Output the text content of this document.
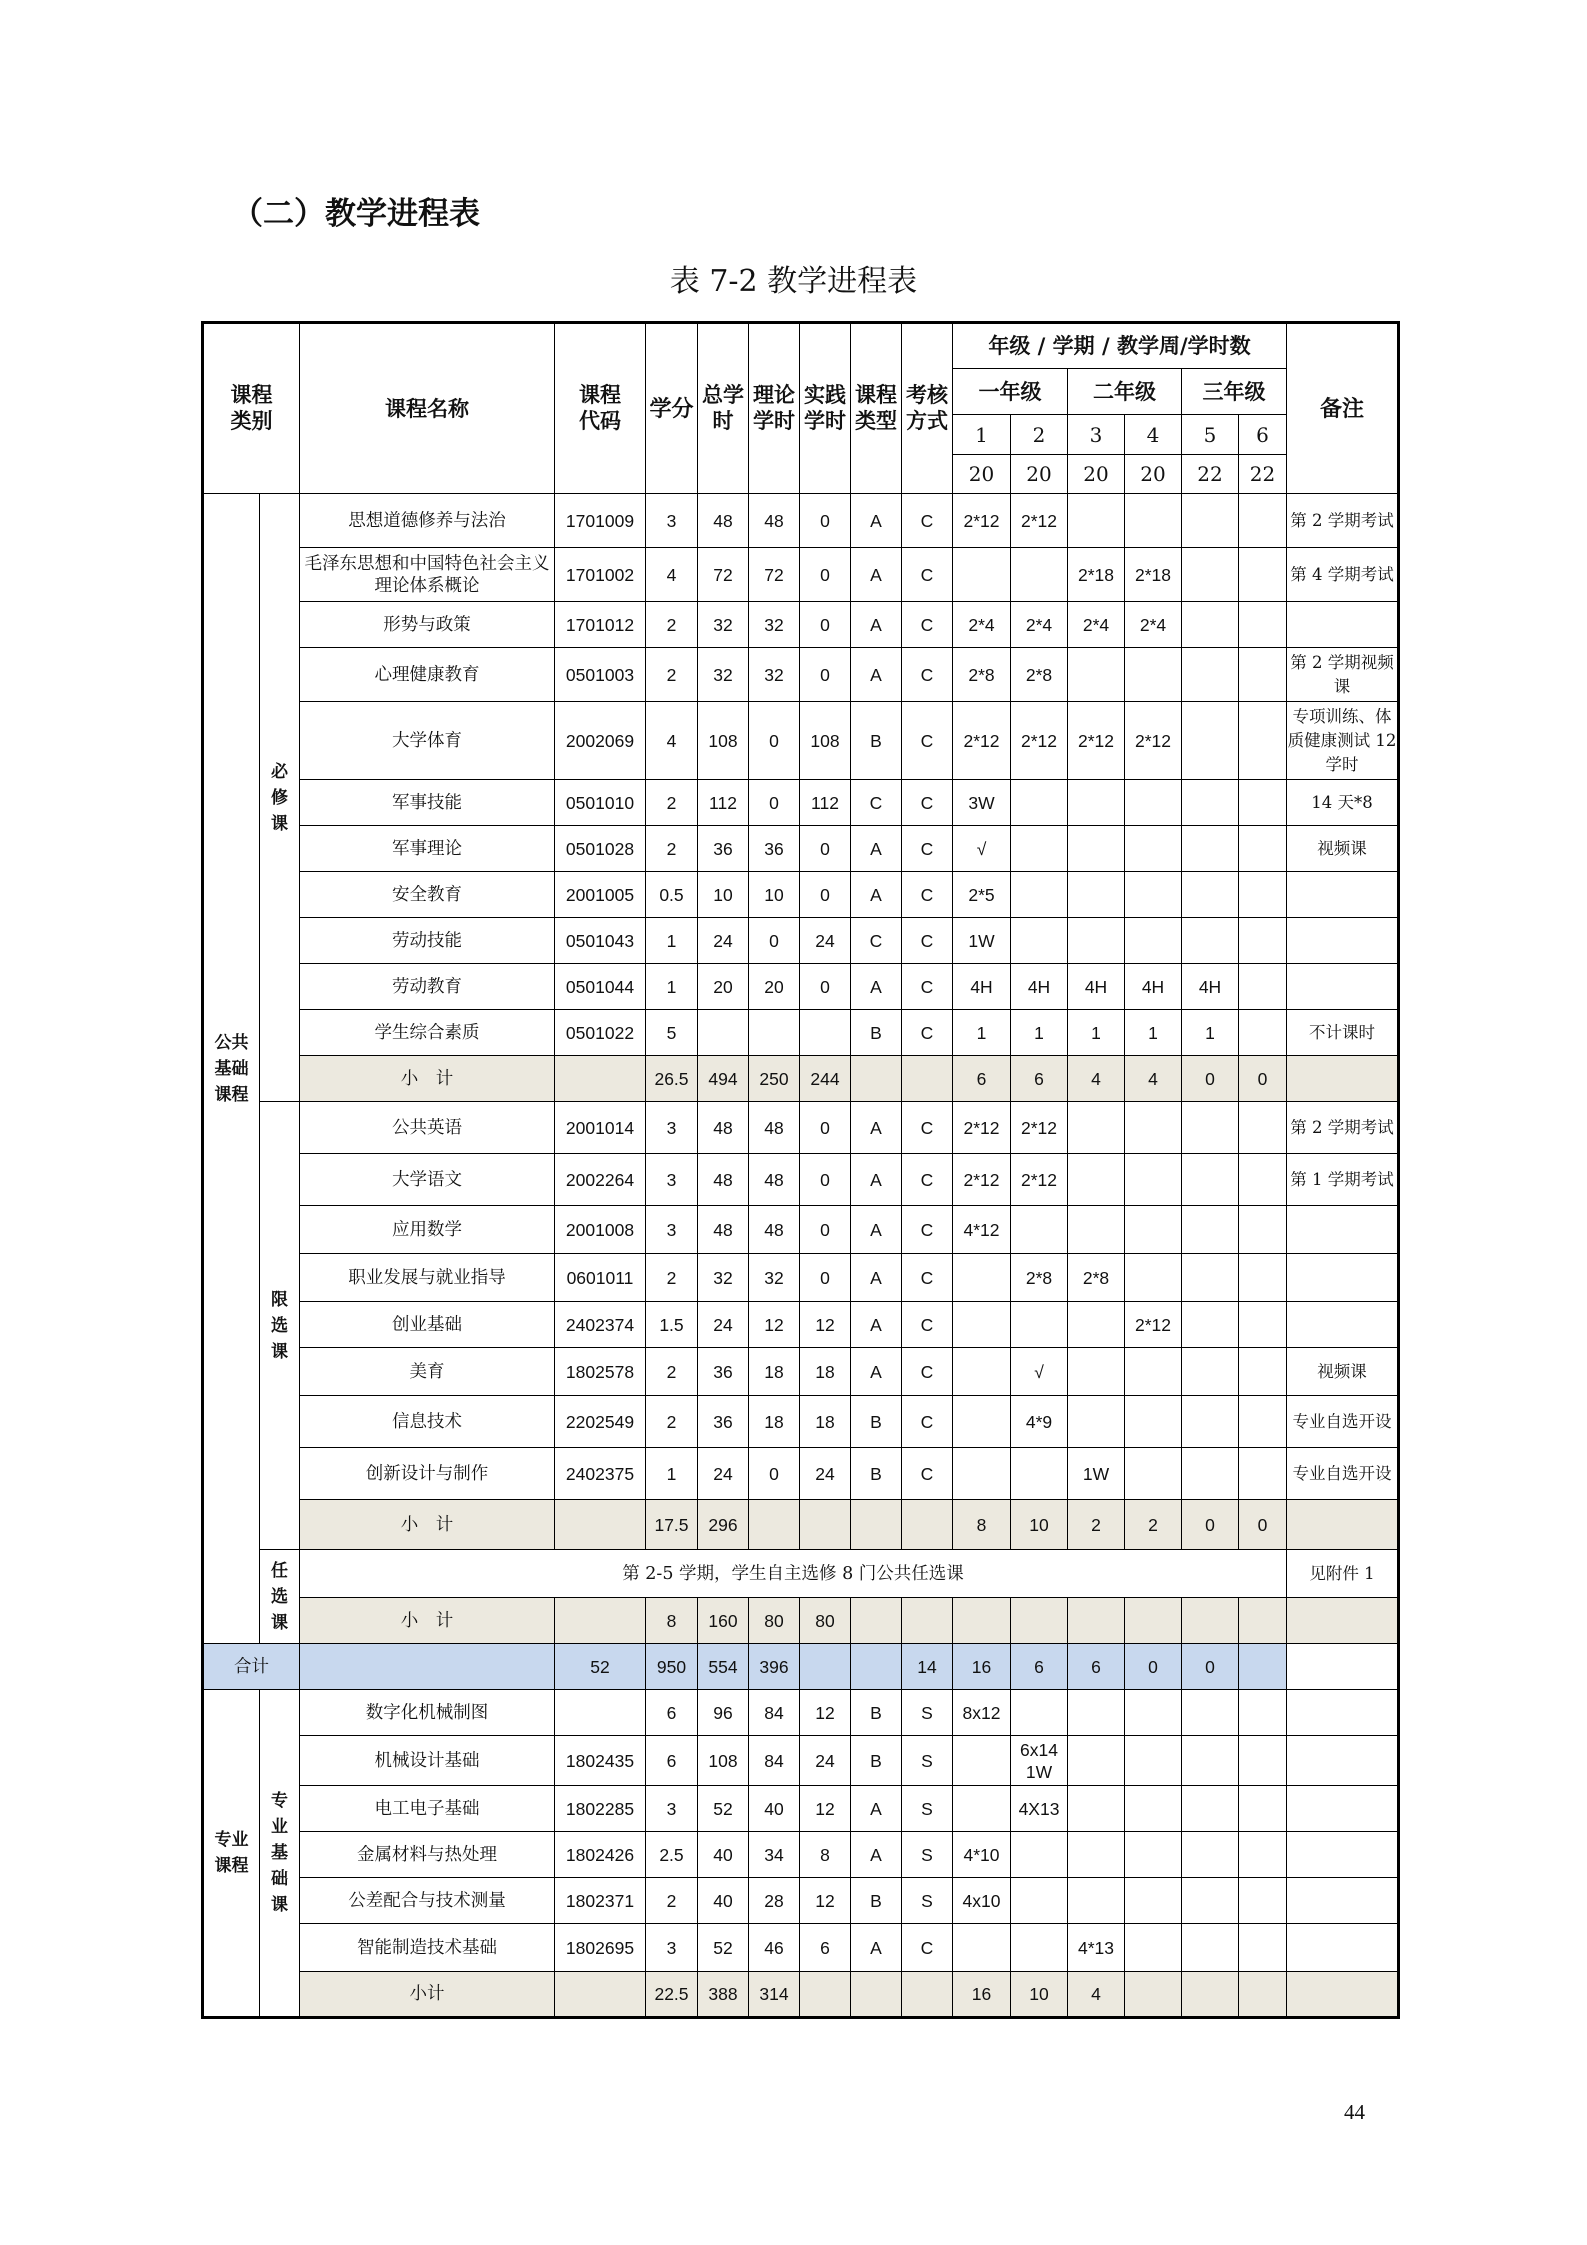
（二）教学进程表
表 7-2 教学进程表
课程类别		课程名称	课程代码	学分	总学时	理论学时	实践学时	课程类型	考核方式	年级 / 学期 / 教学周/学时数						备注
										一年级		二年级		三年级		
										1	2	3	4	5	6	
										20	20	20	20	22	22	
公共基础课程	必修课	思想道德修养与法治	1701009	3	48	48	0	A	C	2*12	2*12					第 2 学期考试
		毛泽东思想和中国特色社会主义理论体系概论	1701002	4	72	72	0	A	C			2*18	2*18			第 4 学期考试
		形势与政策	1701012	2	32	32	0	A	C	2*4	2*4	2*4	2*4			
		心理健康教育	0501003	2	32	32	0	A	C	2*8	2*8					第 2 学期视频课
		大学体育	2002069	4	108	0	108	B	C	2*12	2*12	2*12	2*12			专项训练、体质健康测试 12 学时
		军事技能	0501010	2	112	0	112	C	C	3W						14 天*8
		军事理论	0501028	2	36	36	0	A	C	√						视频课
		安全教育	2001005	0.5	10	10	0	A	C	2*5						
		劳动技能	0501043	1	24	0	24	C	C	1W						
		劳动教育	0501044	1	20	20	0	A	C	4H	4H	4H	4H	4H		
		学生综合素质	0501022	5				B	C	1	1	1	1	1		不计课时
		小　计		26.5	494	250	244			6	6	4	4	0	0	
	限选课	公共英语	2001014	3	48	48	0	A	C	2*12	2*12					第 2 学期考试
		大学语文	2002264	3	48	48	0	A	C	2*12	2*12					第 1 学期考试
		应用数学	2001008	3	48	48	0	A	C	4*12						
		职业发展与就业指导	0601011	2	32	32	0	A	C		2*8	2*8				
		创业基础	2402374	1.5	24	12	12	A	C				2*12			
		美育	1802578	2	36	18	18	A	C		√					视频课
		信息技术	2202549	2	36	18	18	B	C		4*9					专业自选开设
		创新设计与制作	2402375	1	24	0	24	B	C			1W				专业自选开设
		小　计		17.5	296					8	10	2	2	0	0	
	任选课	第 2-5 学期，学生自主选修 8 门公共任选课														见附件 1
		小　计		8	160	80	80									
合计			52	950	554	396			14	16	6	6	0	0		
专业课程	专业基础课	数字化机械制图		6	96	84	12	B	S	8x12						
		机械设计基础	1802435	6	108	84	24	B	S		6x14 1W					
		电工电子基础	1802285	3	52	40	12	A	S		4X13					
		金属材料与热处理	1802426	2.5	40	34	8	A	S	4*10						
		公差配合与技术测量	1802371	2	40	28	12	B	S	4x10						
		智能制造技术基础	1802695	3	52	46	6	A	C			4*13				
		小计		22.5	388	314				16	10	4				
44
